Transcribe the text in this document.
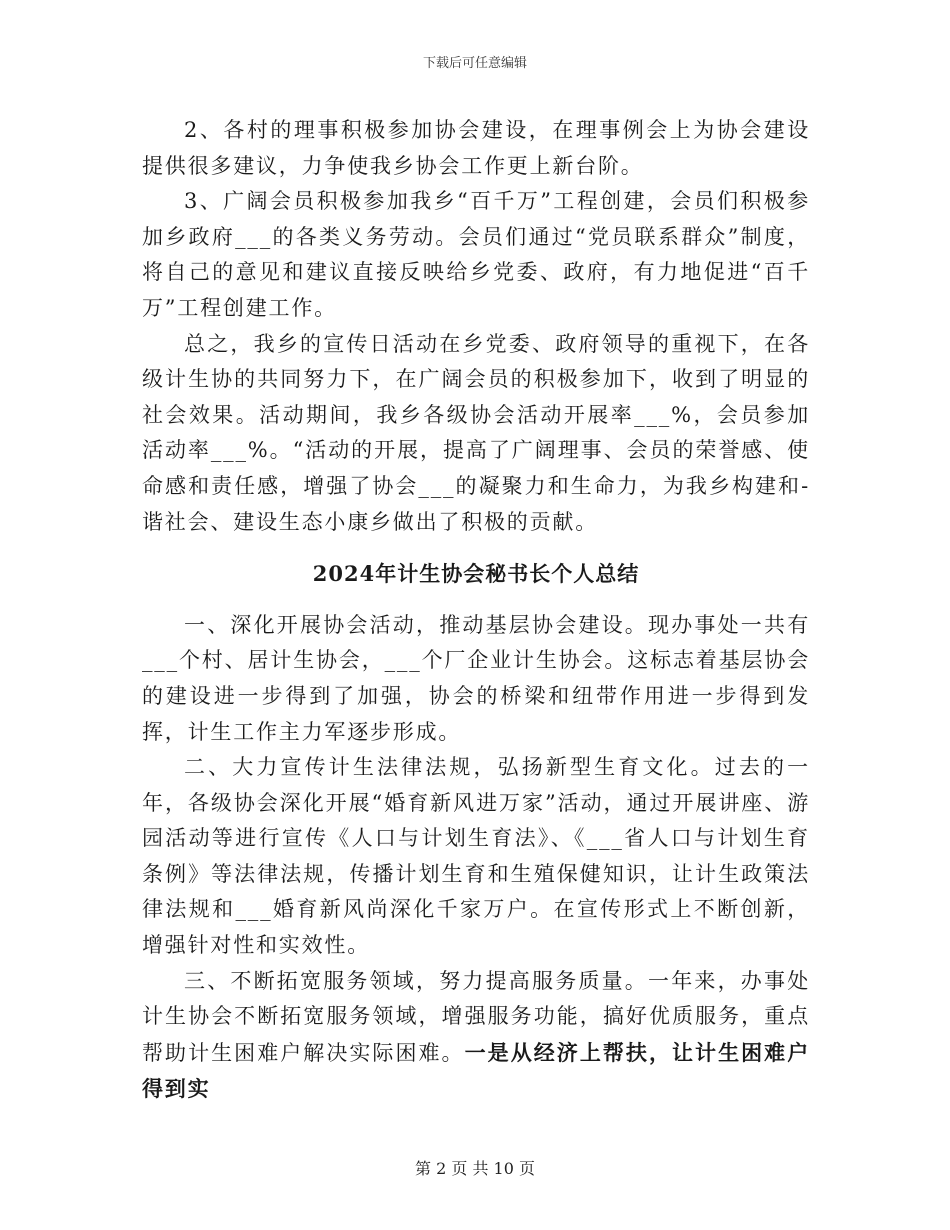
下载后可任意编辑

2、各村的理事积极参加协会建设，在理事例会上为协会建设提供很多建议，力争使我乡协会工作更上新台阶。

3、广阔会员积极参加我乡“百千万”工程创建，会员们积极参加乡政府___的各类义务劳动。会员们通过“党员联系群众”制度，将自己的意见和建议直接反映给乡党委、政府，有力地促进“百千万”工程创建工作。

总之，我乡的宣传日活动在乡党委、政府领导的重视下，在各级计生协的共同努力下，在广阔会员的积极参加下，收到了明显的社会效果。活动期间，我乡各级协会活动开展率___%，会员参加活动率___%。“活动的开展，提高了广阔理事、会员的荣誉感、使命感和责任感，增强了协会___的凝聚力和生命力，为我乡构建和-谐社会、建设生态小康乡做出了积极的贡献。

2024年计生协会秘书长个人总结

一、深化开展协会活动，推动基层协会建设。现办事处一共有___个村、居计生协会，___个厂企业计生协会。这标志着基层协会的建设进一步得到了加强，协会的桥梁和纽带作用进一步得到发挥，计生工作主力军逐步形成。

二、大力宣传计生法律法规，弘扬新型生育文化。过去的一年，各级协会深化开展“婚育新风进万家”活动，通过开展讲座、游园活动等进行宣传《人口与计划生育法》、《___省人口与计划生育条例》等法律法规，传播计划生育和生殖保健知识，让计生政策法律法规和___婚育新风尚深化千家万户。在宣传形式上不断创新，增强针对性和实效性。

三、不断拓宽服务领域，努力提高服务质量。一年来，办事处计生协会不断拓宽服务领域，增强服务功能，搞好优质服务，重点帮助计生困难户解决实际困难。一是从经济上帮扶，让计生困难户得到实

第 2 页 共 10 页
